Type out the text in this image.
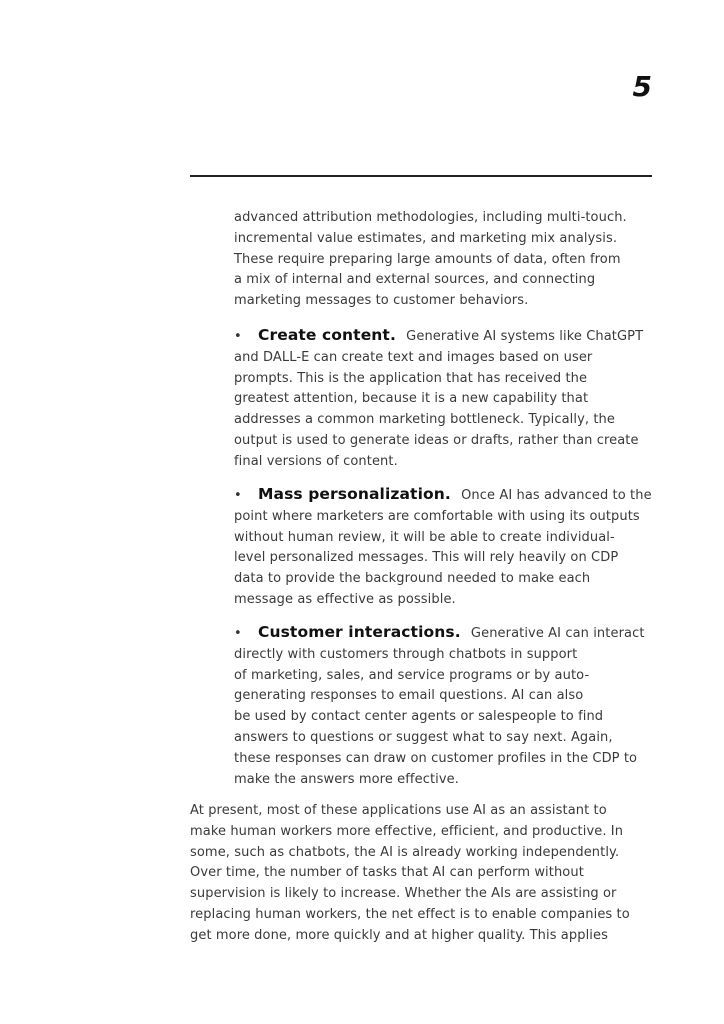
5

advanced attribution methodologies, including multi-touch.
incremental value estimates, and marketing mix analysis.
These require preparing large amounts of data, often from
a mix of internal and external sources, and connecting
marketing messages to customer behaviors.

• Create content. Generative AI systems like ChatGPT
and DALL-E can create text and images based on user
prompts. This is the application that has received the
greatest attention, because it is a new capability that
addresses a common marketing bottleneck. Typically, the
output is used to generate ideas or drafts, rather than create
final versions of content.

• Mass personalization. Once AI has advanced to the
point where marketers are comfortable with using its outputs
without human review, it will be able to create individual-
level personalized messages. This will rely heavily on CDP
data to provide the background needed to make each
message as effective as possible.

• Customer interactions. Generative AI can interact
directly with customers through chatbots in support
of marketing, sales, and service programs or by auto-
generating responses to email questions. AI can also
be used by contact center agents or salespeople to find
answers to questions or suggest what to say next. Again,
these responses can draw on customer profiles in the CDP to
make the answers more effective.

At present, most of these applications use AI as an assistant to
make human workers more effective, efficient, and productive. In
some, such as chatbots, the AI is already working independently.
Over time, the number of tasks that AI can perform without
supervision is likely to increase. Whether the AIs are assisting or
replacing human workers, the net effect is to enable companies to
get more done, more quickly and at higher quality. This applies
